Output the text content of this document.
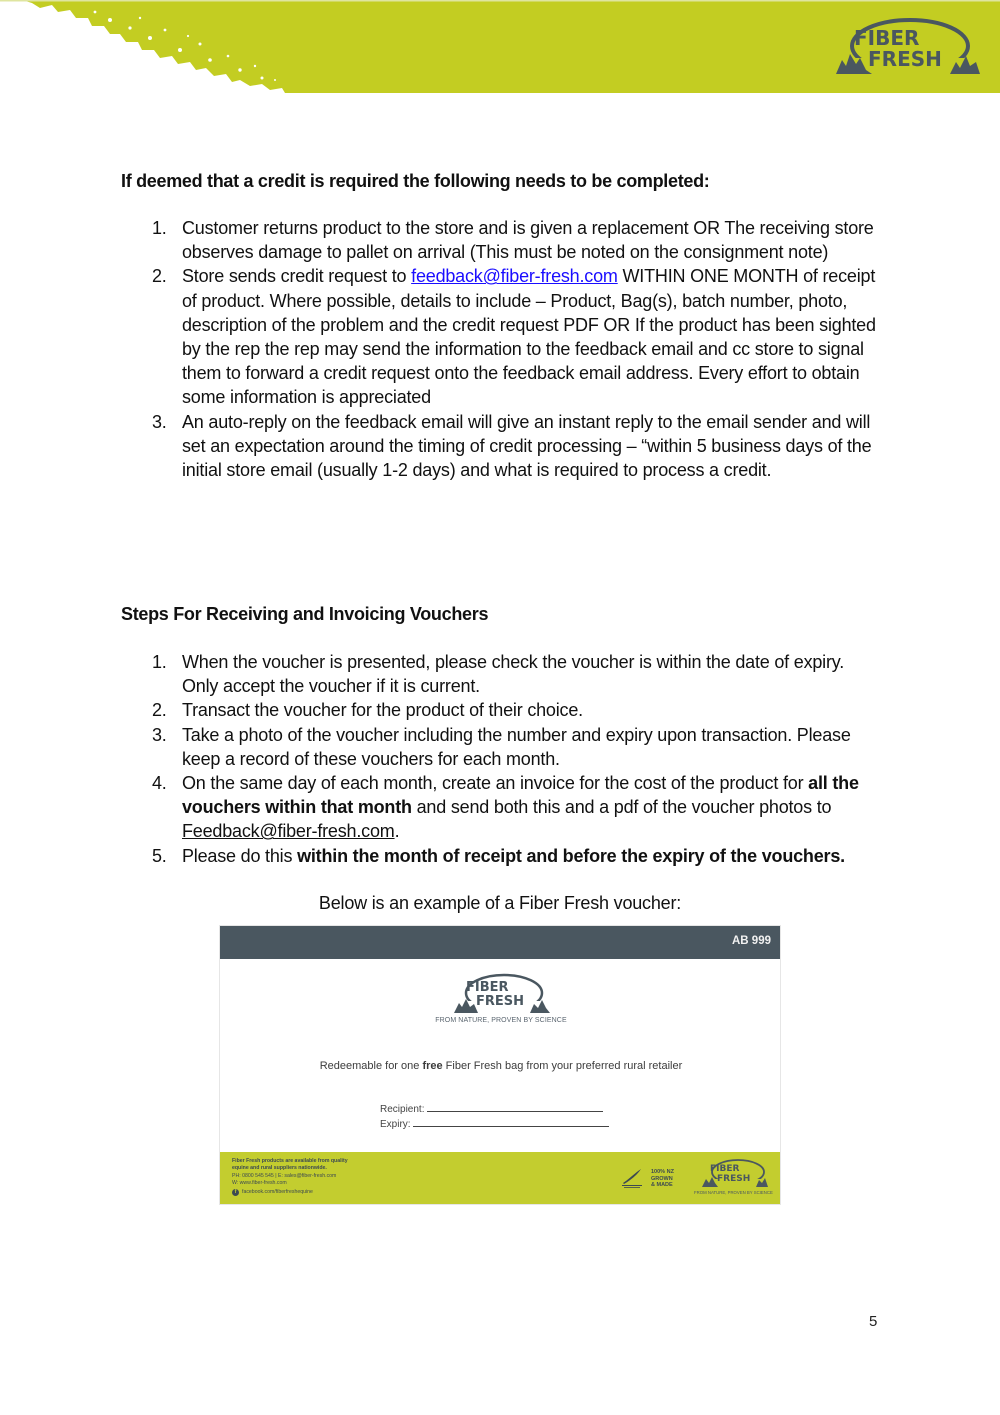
FIBER
FRESH
If deemed that a credit is required the following needs to be completed:
1. Customer returns product to the store and is given a replacement OR The receiving store observes damage to pallet on arrival (This must be noted on the consignment note)
2. Store sends credit request to feedback@fiber-fresh.com WITHIN ONE MONTH of receipt of product. Where possible, details to include – Product, Bag(s), batch number, photo, description of the problem and the credit request PDF OR If the product has been sighted by the rep the rep may send the information to the feedback email and cc store to signal them to forward a credit request onto the feedback email address. Every effort to obtain some information is appreciated
3. An auto-reply on the feedback email will give an instant reply to the email sender and will set an expectation around the timing of credit processing – “within 5 business days of the initial store email (usually 1-2 days) and what is required to process a credit.
Steps For Receiving and Invoicing Vouchers
1. When the voucher is presented, please check the voucher is within the date of expiry. Only accept the voucher if it is current.
2. Transact the voucher for the product of their choice.
3. Take a photo of the voucher including the number and expiry upon transaction. Please keep a record of these vouchers for each month.
4. On the same day of each month, create an invoice for the cost of the product for all the vouchers within that month and send both this and a pdf of the voucher photos to Feedback@fiber-fresh.com.
5. Please do this within the month of receipt and before the expiry of the vouchers.
Below is an example of a Fiber Fresh voucher:
AB 999
FIBER
FRESH
FROM NATURE, PROVEN BY SCIENCE
Redeemable for one free Fiber Fresh bag from your preferred rural retailer
Recipient:
Expiry:
Fiber Fresh products are available from quality
equine and rural suppliers nationwide.
PH: 0800 545 545 | E: sales@fiber-fresh.com
W: www.fiber-fresh.com
f	facebook.com/fiberfreshequine
100% NZ
GROWN
& MADE
FIBER
FRESH
FROM NATURE, PROVEN BY SCIENCE
5
